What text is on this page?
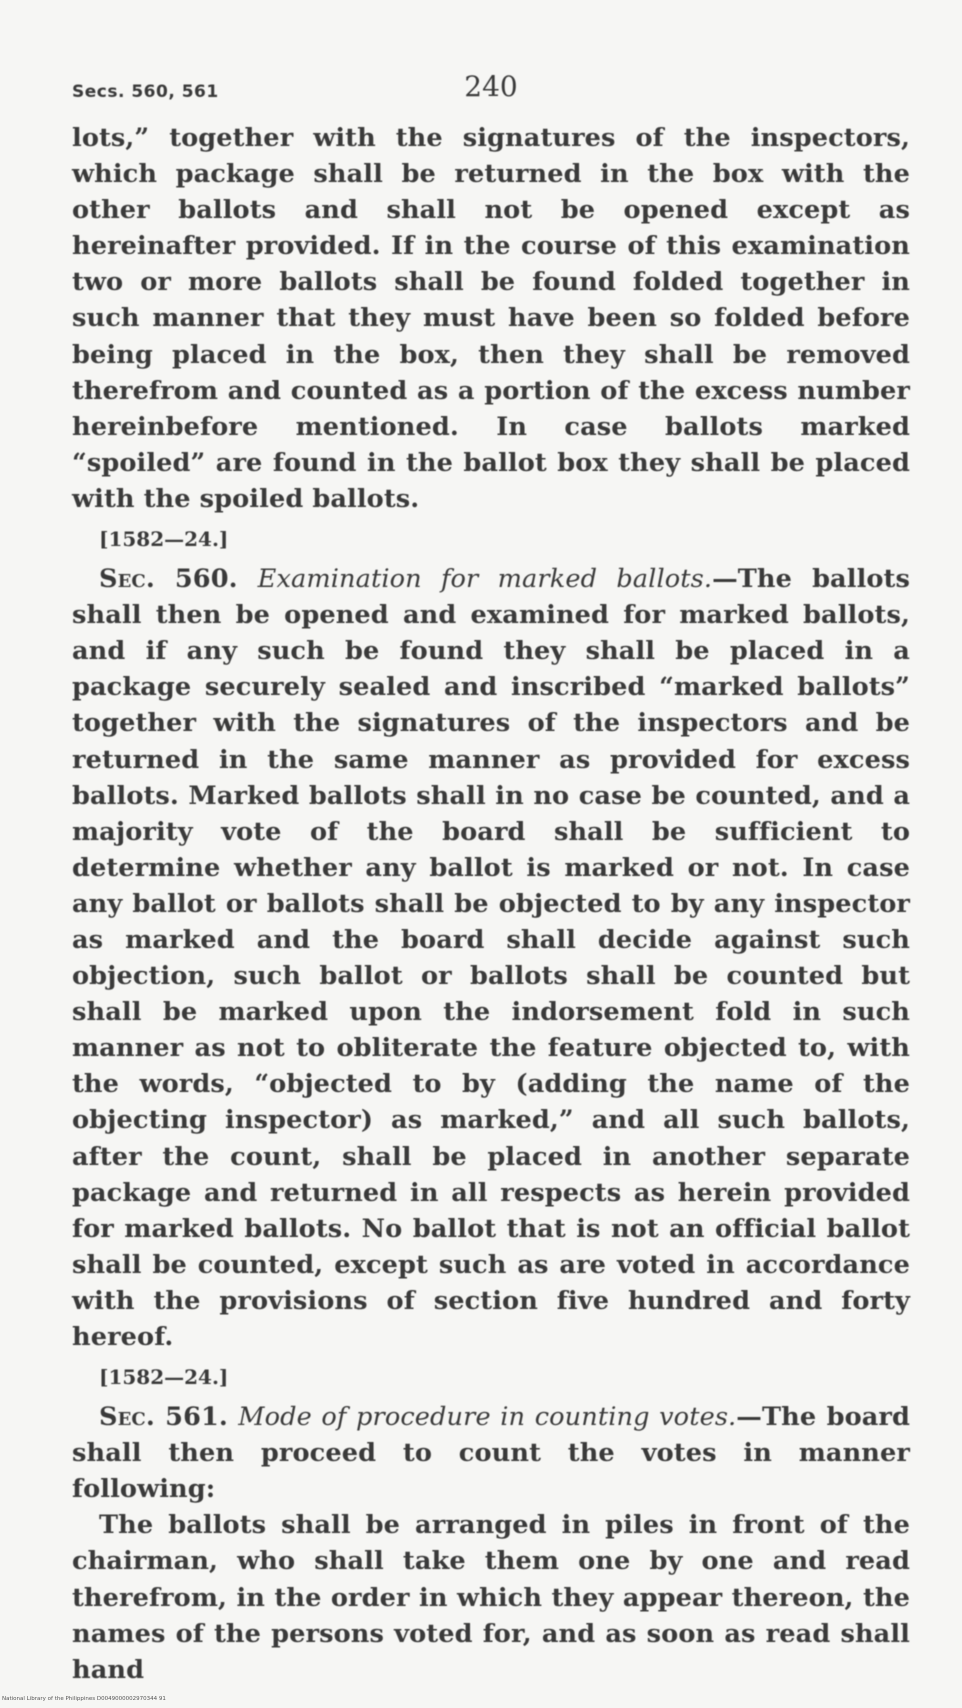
Secs. 560, 561	240

lots,” together with the signatures of the inspectors, which package shall be returned in the box with the other ballots and shall not be opened except as hereinafter provided. If in the course of this examination two or more ballots shall be found folded together in such manner that they must have been so folded before being placed in the box, then they shall be removed therefrom and counted as a portion of the excess number hereinbefore mentioned. In case ballots marked “spoiled” are found in the ballot box they shall be placed with the spoiled ballots.

[1582—24.]

Sec. 560. Examination for marked ballots.—The ballots shall then be opened and examined for marked ballots, and if any such be found they shall be placed in a package securely sealed and inscribed “marked ballots” together with the signatures of the inspectors and be returned in the same manner as provided for excess ballots. Marked ballots shall in no case be counted, and a majority vote of the board shall be sufficient to determine whether any ballot is marked or not. In case any ballot or ballots shall be objected to by any inspector as marked and the board shall decide against such objection, such ballot or ballots shall be counted but shall be marked upon the indorsement fold in such manner as not to obliterate the feature objected to, with the words, “objected to by (adding the name of the objecting inspector) as marked,” and all such ballots, after the count, shall be placed in another separate package and returned in all respects as herein provided for marked ballots. No ballot that is not an official ballot shall be counted, except such as are voted in accordance with the provisions of section five hundred and forty hereof.

[1582—24.]

Sec. 561. Mode of procedure in counting votes.—The board shall then proceed to count the votes in manner following:

The ballots shall be arranged in piles in front of the chairman, who shall take them one by one and read therefrom, in the order in which they appear thereon, the names of the persons voted for, and as soon as read shall hand

National Library of the Philippines D0049000002970344 91
